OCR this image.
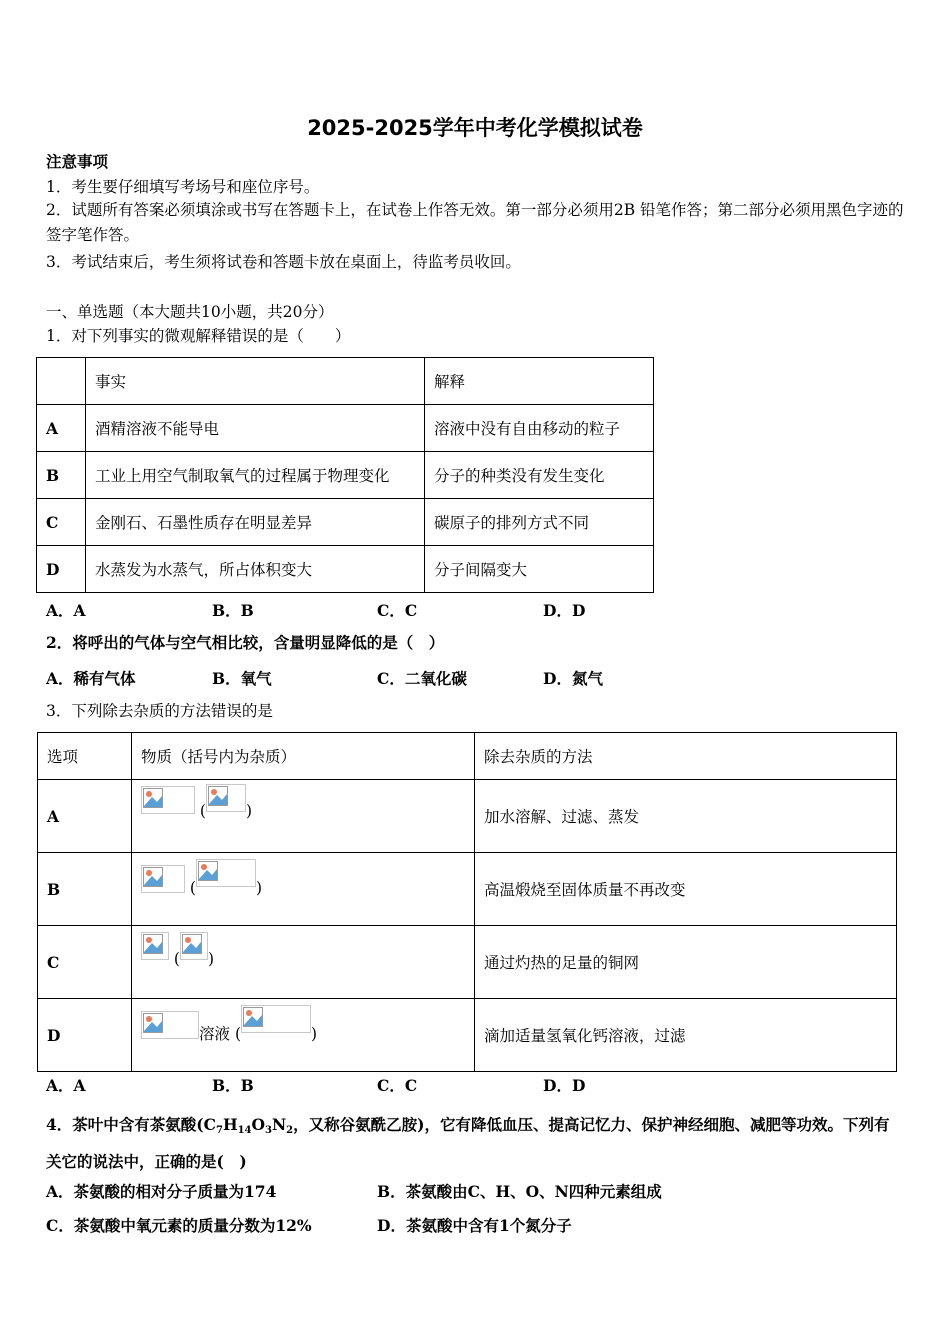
2025-2025学年中考化学模拟试卷
注意事项
1．考生要仔细填写考场号和座位序号。
2．试题所有答案必须填涂或书写在答题卡上，在试卷上作答无效。第一部分必须用2B 铅笔作答；第二部分必须用黑色字迹的签字笔作答。
3．考试结束后，考生须将试卷和答题卡放在桌面上，待监考员收回。
一、单选题（本大题共10小题，共20分）
1．对下列事实的微观解释错误的是（　　）
	事实	解释
A	酒精溶液不能导电	溶液中没有自由移动的粒子
B	工业上用空气制取氧气的过程属于物理变化	分子的种类没有发生变化
C	金刚石、石墨性质存在明显差异	碳原子的排列方式不同
D	水蒸发为水蒸气，所占体积变大	分子间隔变大
A．A	B．B	C．C	D．D
2．将呼出的气体与空气相比较，含量明显降低的是（　）
A．稀有气体	B．氧气	C．二氧化碳	D．氮气
3．下列除去杂质的方法错误的是
选项	物质（括号内为杂质）	除去杂质的方法
A	( )	加水溶解、过滤、蒸发
B	( )	高温煅烧至固体质量不再改变
C	( )	通过灼热的足量的铜网
D	溶液 ( )	滴加适量氢氧化钙溶液，过滤
A．A	B．B	C．C	D．D
4．茶叶中含有茶氨酸($C_7H_{14}O_3N_2$，又称谷氨酰乙胺)，它有降低血压、提高记忆力、保护神经细胞、减肥等功效。下列有关它的说法中，正确的是(　)
A．茶氨酸的相对分子质量为174	B．茶氨酸由C、H、O、N四种元素组成
C．茶氨酸中氧元素的质量分数为12%	D．茶氨酸中含有1个氮分子
